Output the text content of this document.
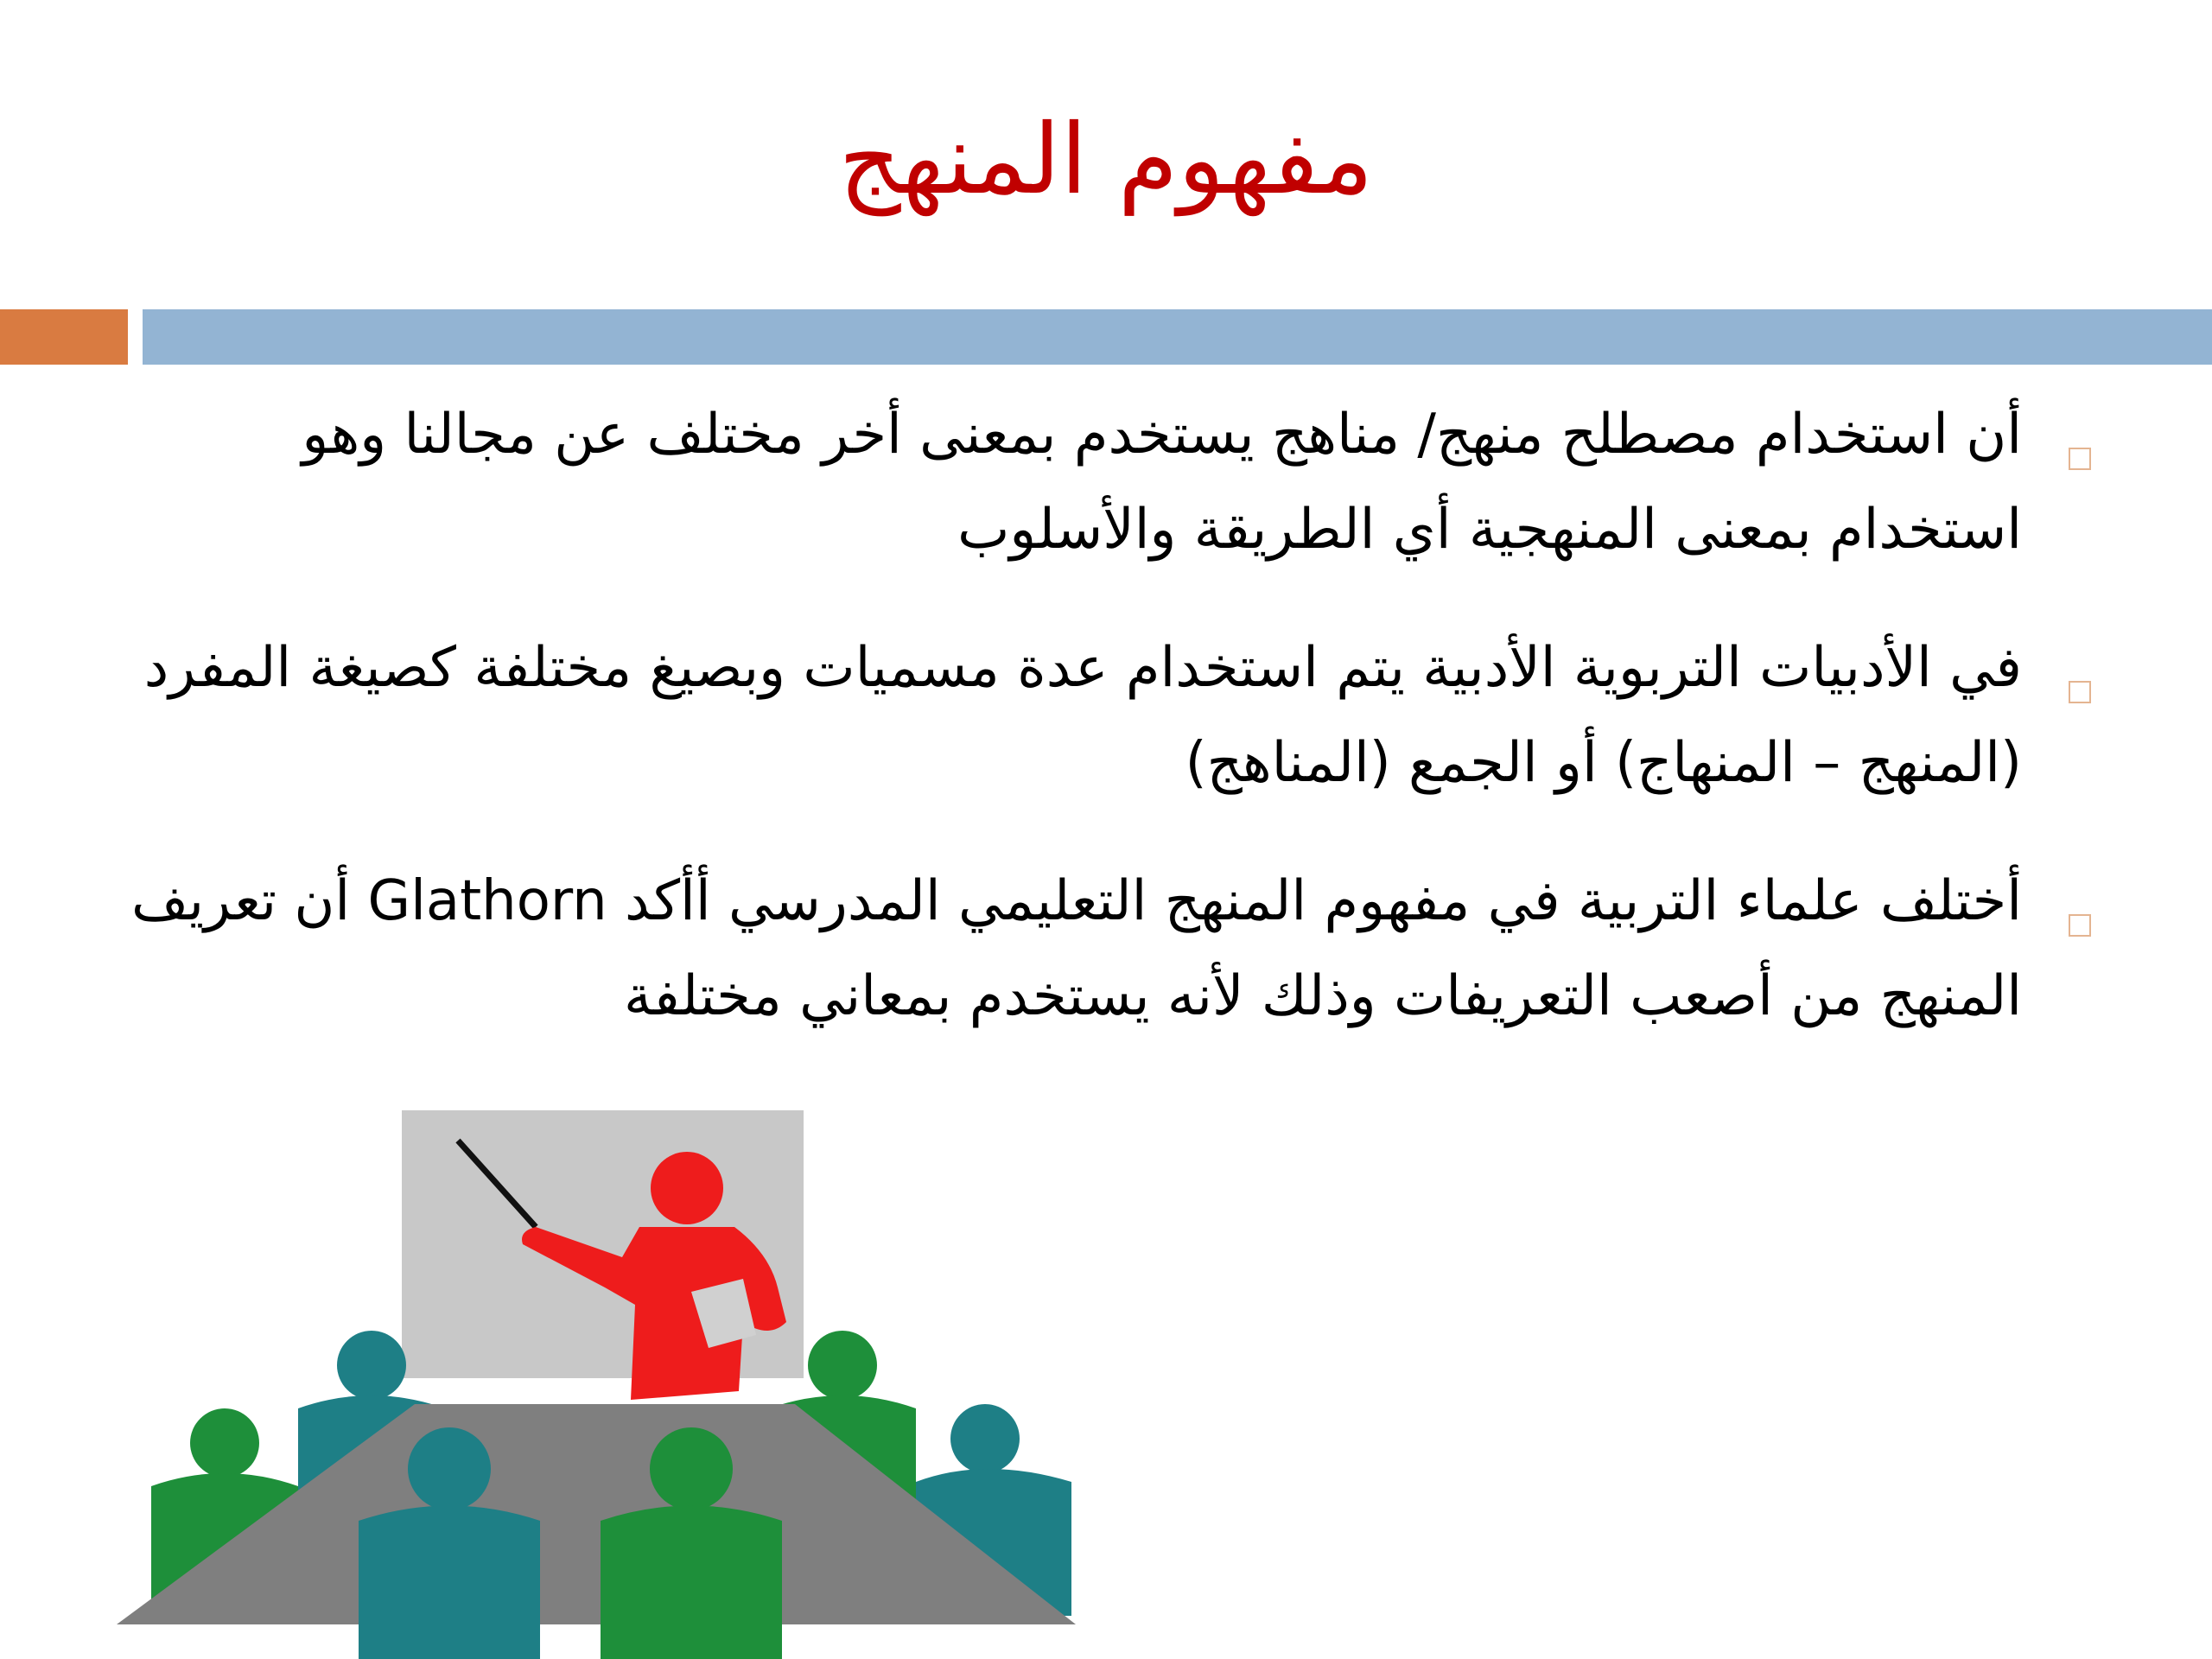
مفهوم المنهج
أن استخدام مصطلح منهج/ مناهج يستخدم بمعنى أخر مختلف عن مجالنا وهو استخدام بمعنى المنهجية أي الطريقة والأسلوب
في الأدبيات التربوية الأدبية يتم استخدام عدة مسميات وبصيغ مختلفة كصيغة المفرد (المنهج – المنهاج) أو الجمع (المناهج)
أختلف علماء التربية في مفهوم المنهج التعليمي المدرسي أأكد Glathorn أن تعريف المنهج من أصعب التعريفات وذلك لأنه يستخدم بمعاني مختلفة
